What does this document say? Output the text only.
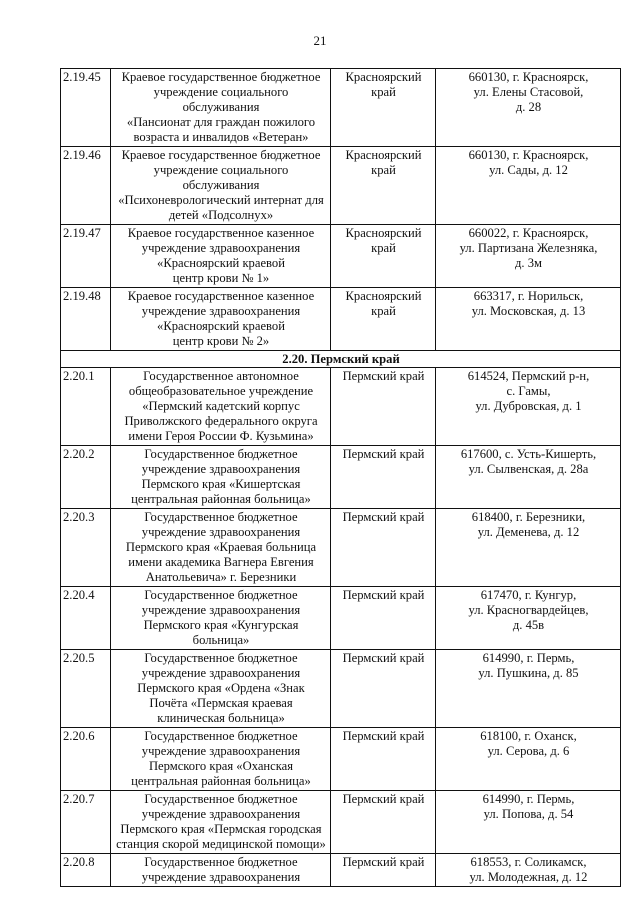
21
2.19.45	Краевое государственное бюджетное
учреждение социального обслуживания
«Пансионат для граждан пожилого
возраста и инвалидов «Ветеран»	Красноярский
край	660130, г. Красноярск,
ул. Елены Стасовой,
д. 28
2.19.46	Краевое государственное бюджетное
учреждение социального обслуживания
«Психоневрологический интернат для
детей «Подсолнух»	Красноярский
край	660130, г. Красноярск,
ул. Сады, д. 12
2.19.47	Краевое государственное казенное
учреждение здравоохранения
«Красноярский краевой
центр крови № 1»	Красноярский
край	660022, г. Красноярск,
ул. Партизана Железняка,
д. 3м
2.19.48	Краевое государственное казенное
учреждение здравоохранения
«Красноярский краевой
центр крови № 2»	Красноярский
край	663317, г. Норильск,
ул. Московская, д. 13
2.20. Пермский край			
2.20.1	Государственное автономное
общеобразовательное учреждение
«Пермский кадетский корпус
Приволжского федерального округа
имени Героя России Ф. Кузьмина»	Пермский край	614524, Пермский р-н,
с. Гамы,
ул. Дубровская, д. 1
2.20.2	Государственное бюджетное
учреждение здравоохранения
Пермского края «Кишертская
центральная районная больница»	Пермский край	617600, с. Усть-Кишерть,
ул. Сылвенская, д. 28а
2.20.3	Государственное бюджетное
учреждение здравоохранения
Пермского края «Краевая больница
имени академика Вагнера Евгения
Анатольевича» г. Березники	Пермский край	618400, г. Березники,
ул. Деменева, д. 12
2.20.4	Государственное бюджетное
учреждение здравоохранения
Пермского края «Кунгурская
больница»	Пермский край	617470, г. Кунгур,
ул. Красногвардейцев,
д. 45в
2.20.5	Государственное бюджетное
учреждение здравоохранения
Пермского края «Ордена «Знак
Почёта «Пермская краевая
клиническая больница»	Пермский край	614990, г. Пермь,
ул. Пушкина, д. 85
2.20.6	Государственное бюджетное
учреждение здравоохранения
Пермского края «Оханская
центральная районная больница»	Пермский край	618100, г. Оханск,
ул. Серова, д. 6
2.20.7	Государственное бюджетное
учреждение здравоохранения
Пермского края «Пермская городская
станция скорой медицинской помощи»	Пермский край	614990, г. Пермь,
ул. Попова, д. 54
2.20.8	Государственное бюджетное
учреждение здравоохранения	Пермский край	618553, г. Соликамск,
ул. Молодежная, д. 12
